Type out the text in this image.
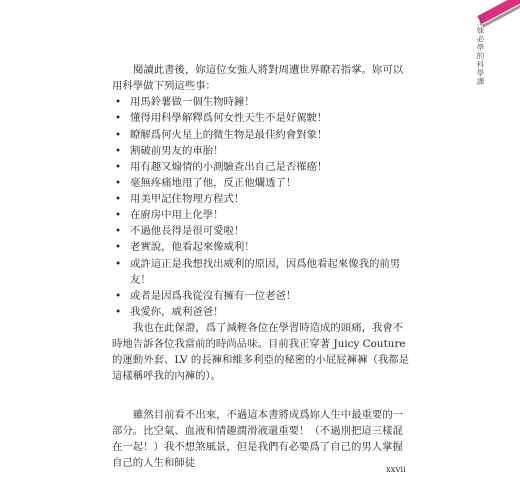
王妹必學的科學課

閱讀此書後，妳這位女強人將對周遭世界瞭若指掌。妳可以用科學做下列這些事：

• 用馬鈴薯做一個生物時鐘！
• 懂得用科學解釋爲何女性天生不是好駕駛！
• 瞭解爲何火星上的微生物是最佳約會對象！
• 割破前男友的車胎！
• 用有趣又煽情的小測驗查出自己是否罹癌！
• 毫無疼痛地甩了他，反正他爛透了！
• 用美甲記住物理方程式！
• 在廚房中用上化學！
• 不過他長得是很可愛啦！
• 老實說，他看起來像威利！
• 或許這正是我想找出威利的原因，因爲他看起來像我的前男友！
• 或者是因爲我從沒有擁有一位老爸！
• 我愛你，威利爸爸！

我也在此保證，爲了減輕各位在學習時造成的頭痛，我會不時地告訴各位我當前的時尚品味。目前我正穿著 Juicy Couture 的運動外套、LV 的長褲和維多利亞的秘密的小屁屁褲褲（我都是這樣稱呼我的內褲的）。

雖然目前看不出來，不過這本書將成爲妳人生中最重要的一部分。比空氣、血液和情趣潤滑液還重要！（不過別把這三樣混在一起！）我不想煞風景，但是我們有必要爲了自己的男人掌握自己的人生和師徒

xxvii
